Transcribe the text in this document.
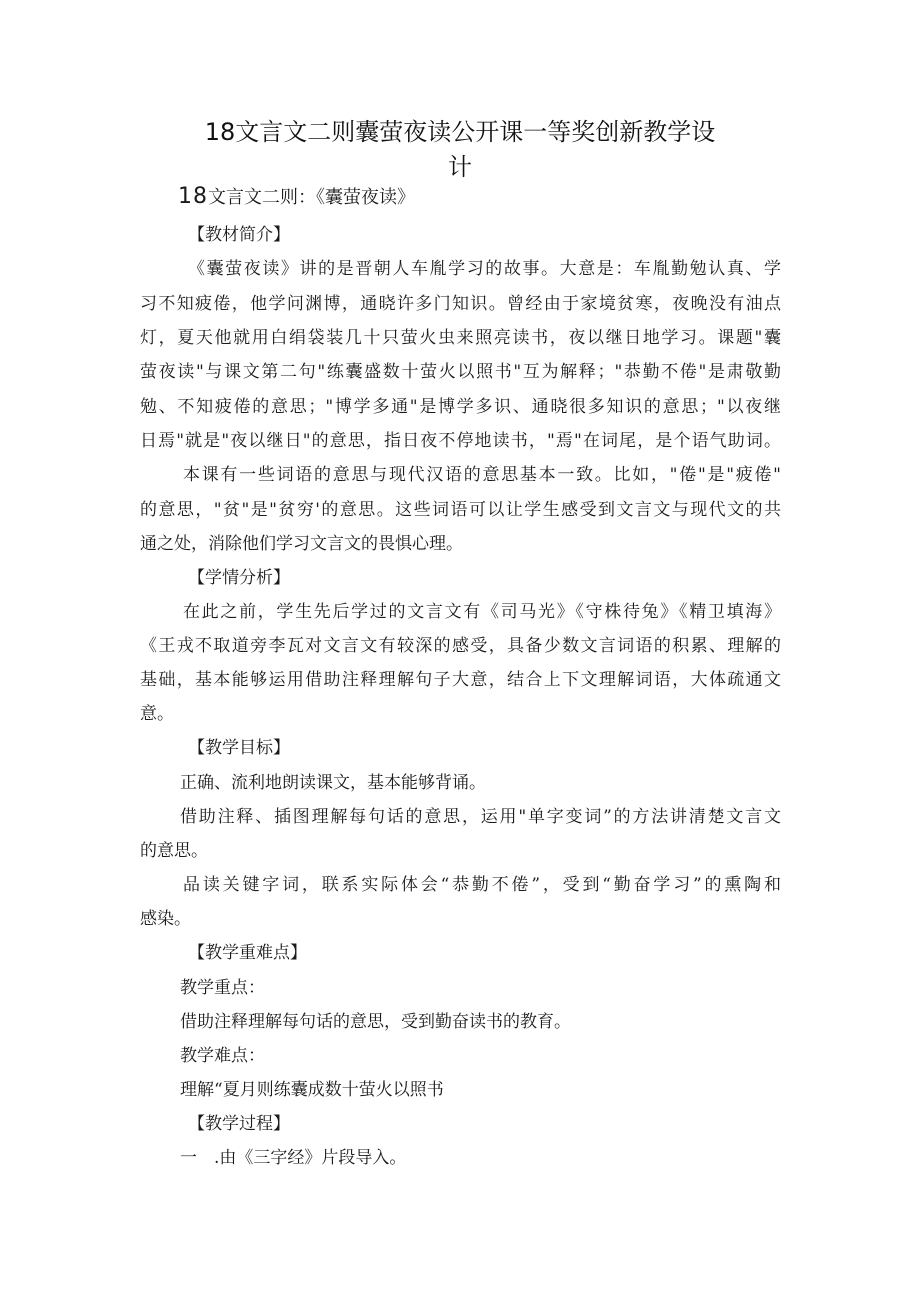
18文言文二则囊萤夜读公开课一等奖创新教学设
计
18文言文二则：《囊萤夜读》
【教材简介】
《囊萤夜读》讲的是晋朝人车胤学习的故事。大意是：车胤勤勉认真、学
习不知疲倦，他学问渊博，通晓许多门知识。曾经由于家境贫寒，夜晚没有油点
灯，夏天他就用白绢袋装几十只萤火虫来照亮读书，夜以继日地学习。课题"囊
萤夜读"与课文第二句"练囊盛数十萤火以照书"互为解释；"恭勤不倦"是肃敬勤
勉、不知疲倦的意思；"博学多通"是博学多识、通晓很多知识的意思；"以夜继
日焉"就是"夜以继日"的意思，指日夜不停地读书，"焉"在词尾，是个语气助词。
本课有一些词语的意思与现代汉语的意思基本一致。比如，"倦"是"疲倦"
的意思，"贫"是"贫穷'的意思。这些词语可以让学生感受到文言文与现代文的共
通之处，消除他们学习文言文的畏惧心理。
【学情分析】
在此之前，学生先后学过的文言文有《司马光》《守株待兔》《精卫填海》
《王戎不取道旁李瓦对文言文有较深的感受，具备少数文言词语的积累、理解的
基础，基本能够运用借助注释理解句子大意，结合上下文理解词语，大体疏通文
意。
【教学目标】
正确、流利地朗读课文，基本能够背诵。
借助注释、插图理解每句话的意思，运用"单字变词”的方法讲清楚文言文
的意思。
品读关键字词，联系实际体会“恭勤不倦”，受到“勤奋学习”的熏陶和
感染。
【教学重难点】
教学重点：
借助注释理解每句话的意思，受到勤奋读书的教育。
教学难点：
理解“夏月则练囊成数十萤火以照书
【教学过程】
一　.由《三字经》片段导入。
